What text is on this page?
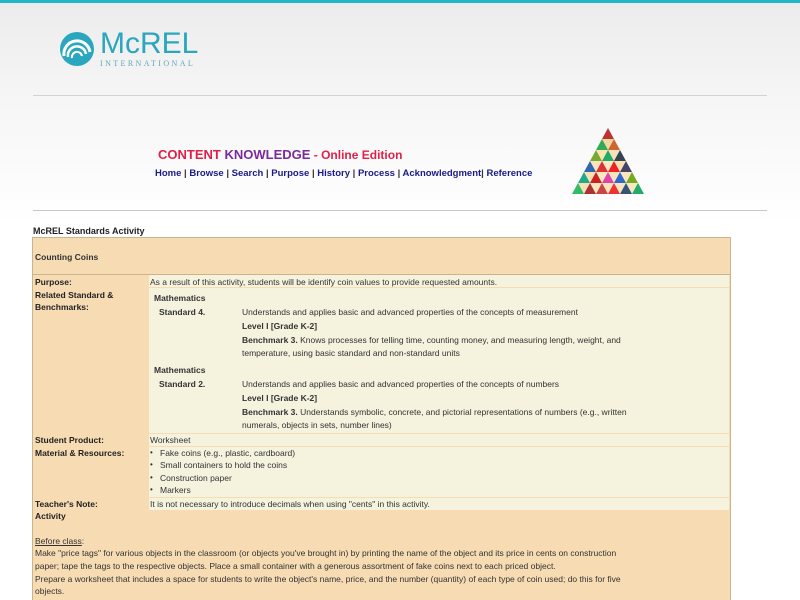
McREL
INTERNATIONAL
CONTENT KNOWLEDGE - Online Edition
Home | Browse | Search | Purpose | History | Process | Acknowledgment| Reference
McREL Standards Activity
Counting Coins
Purpose:	As a result of this activity, students will be identify coin values to provide requested amounts.
Related Standard &
Benchmarks:
Mathematics
Standard 4.	Understands and applies basic and advanced properties of the concepts of measurement
Level I [Grade K-2]
Benchmark 3. Knows processes for telling time, counting money, and measuring length, weight, and
temperature, using basic standard and non-standard units
Mathematics
Standard 2.	Understands and applies basic and advanced properties of the concepts of numbers
Level I [Grade K-2]
Benchmark 3. Understands symbolic, concrete, and pictorial representations of numbers (e.g., written
numerals, objects in sets, number lines)
Student Product:	Worksheet
Material & Resources:	• Fake coins (e.g., plastic, cardboard)
• Small containers to hold the coins
• Construction paper
• Markers
Teacher's Note:	It is not necessary to introduce decimals when using "cents" in this activity.
Activity
Before class:
Make "price tags" for various objects in the classroom (or objects you've brought in) by printing the name of the object and its price in cents on construction
paper; tape the tags to the respective objects. Place a small container with a generous assortment of fake coins next to each priced object.
Prepare a worksheet that includes a space for students to write the object's name, price, and the number (quantity) of each type of coin used; do this for five
objects.
